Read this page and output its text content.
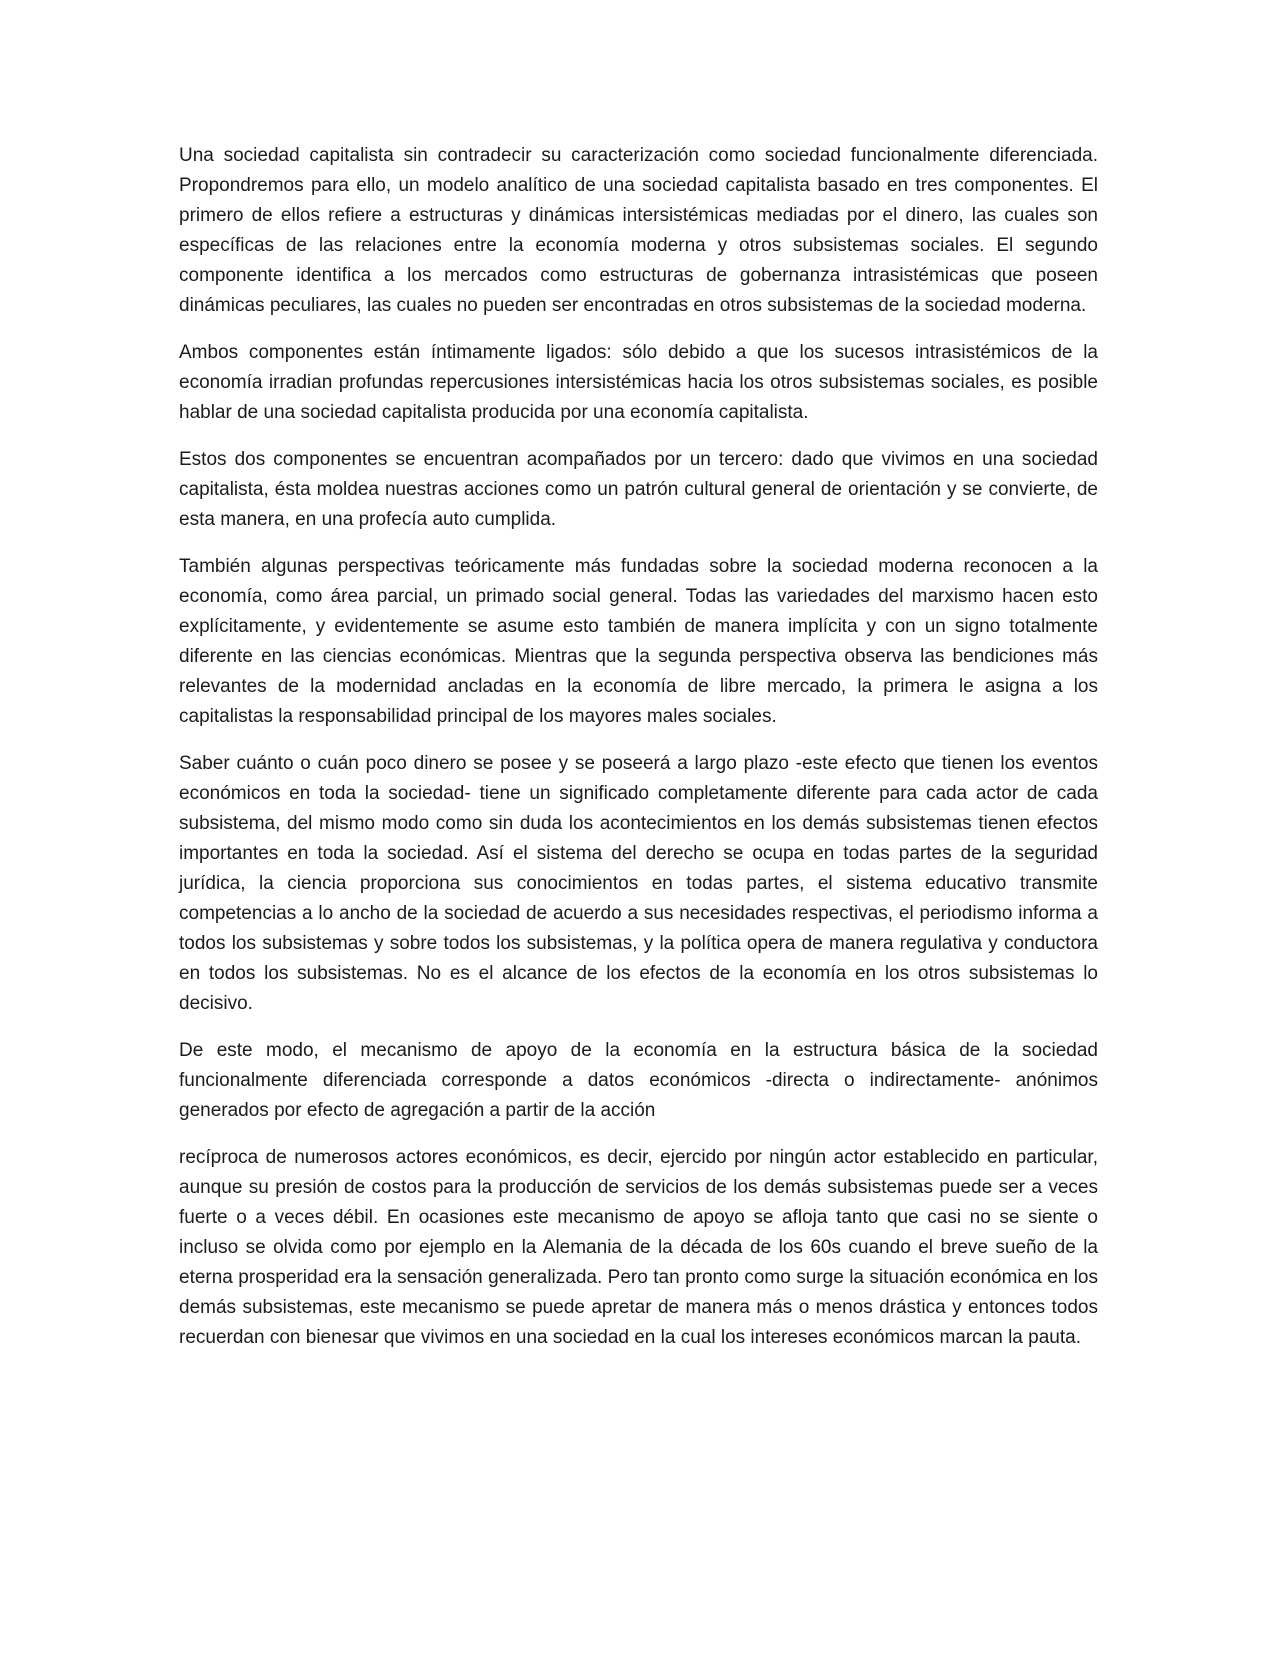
Una sociedad capitalista sin contradecir su caracterización como sociedad funcionalmente diferenciada. Propondremos para ello, un modelo analítico de una sociedad capitalista basado en tres componentes. El primero de ellos refiere a estructuras y dinámicas intersistémicas mediadas por el dinero, las cuales son específicas de las relaciones entre la economía moderna y otros subsistemas sociales. El segundo componente identifica a los mercados como estructuras de gobernanza intrasistémicas que poseen dinámicas peculiares, las cuales no pueden ser encontradas en otros subsistemas de la sociedad moderna.

Ambos componentes están íntimamente ligados: sólo debido a que los sucesos intrasistémicos de la economía irradian profundas repercusiones intersistémicas hacia los otros subsistemas sociales, es posible hablar de una sociedad capitalista producida por una economía capitalista.

Estos dos componentes se encuentran acompañados por un tercero: dado que vivimos en una sociedad capitalista, ésta moldea nuestras acciones como un patrón cultural general de orientación y se convierte, de esta manera, en una profecía auto cumplida.

También algunas perspectivas teóricamente más fundadas sobre la sociedad moderna reconocen a la economía, como área parcial, un primado social general. Todas las variedades del marxismo hacen esto explícitamente, y evidentemente se asume esto también de manera implícita y con un signo totalmente diferente en las ciencias económicas. Mientras que la segunda perspectiva observa las bendiciones más relevantes de la modernidad ancladas en la economía de libre mercado, la primera le asigna a los capitalistas la responsabilidad principal de los mayores males sociales.

Saber cuánto o cuán poco dinero se posee y se poseerá a largo plazo -este efecto que tienen los eventos económicos en toda la sociedad- tiene un significado completamente diferente para cada actor de cada subsistema, del mismo modo como sin duda los acontecimientos en los demás subsistemas tienen efectos importantes en toda la sociedad. Así el sistema del derecho se ocupa en todas partes de la seguridad jurídica, la ciencia proporciona sus conocimientos en todas partes, el sistema educativo transmite competencias a lo ancho de la sociedad de acuerdo a sus necesidades respectivas, el periodismo informa a todos los subsistemas y sobre todos los subsistemas, y la política opera de manera regulativa y conductora en todos los subsistemas. No es el alcance de los efectos de la economía en los otros subsistemas lo decisivo.

De este modo, el mecanismo de apoyo de la economía en la estructura básica de la sociedad funcionalmente diferenciada corresponde a datos económicos -directa o indirectamente- anónimos generados por efecto de agregación a partir de la acción

recíproca de numerosos actores económicos, es decir, ejercido por ningún actor establecido en particular, aunque su presión de costos para la producción de servicios de los demás subsistemas puede ser a veces fuerte o a veces débil. En ocasiones este mecanismo de apoyo se afloja tanto que casi no se siente o incluso se olvida como por ejemplo en la Alemania de la década de los 60s cuando el breve sueño de la eterna prosperidad era la sensación generalizada. Pero tan pronto como surge la situación económica en los demás subsistemas, este mecanismo se puede apretar de manera más o menos drástica y entonces todos recuerdan con bienesar que vivimos en una sociedad en la cual los intereses económicos marcan la pauta.
